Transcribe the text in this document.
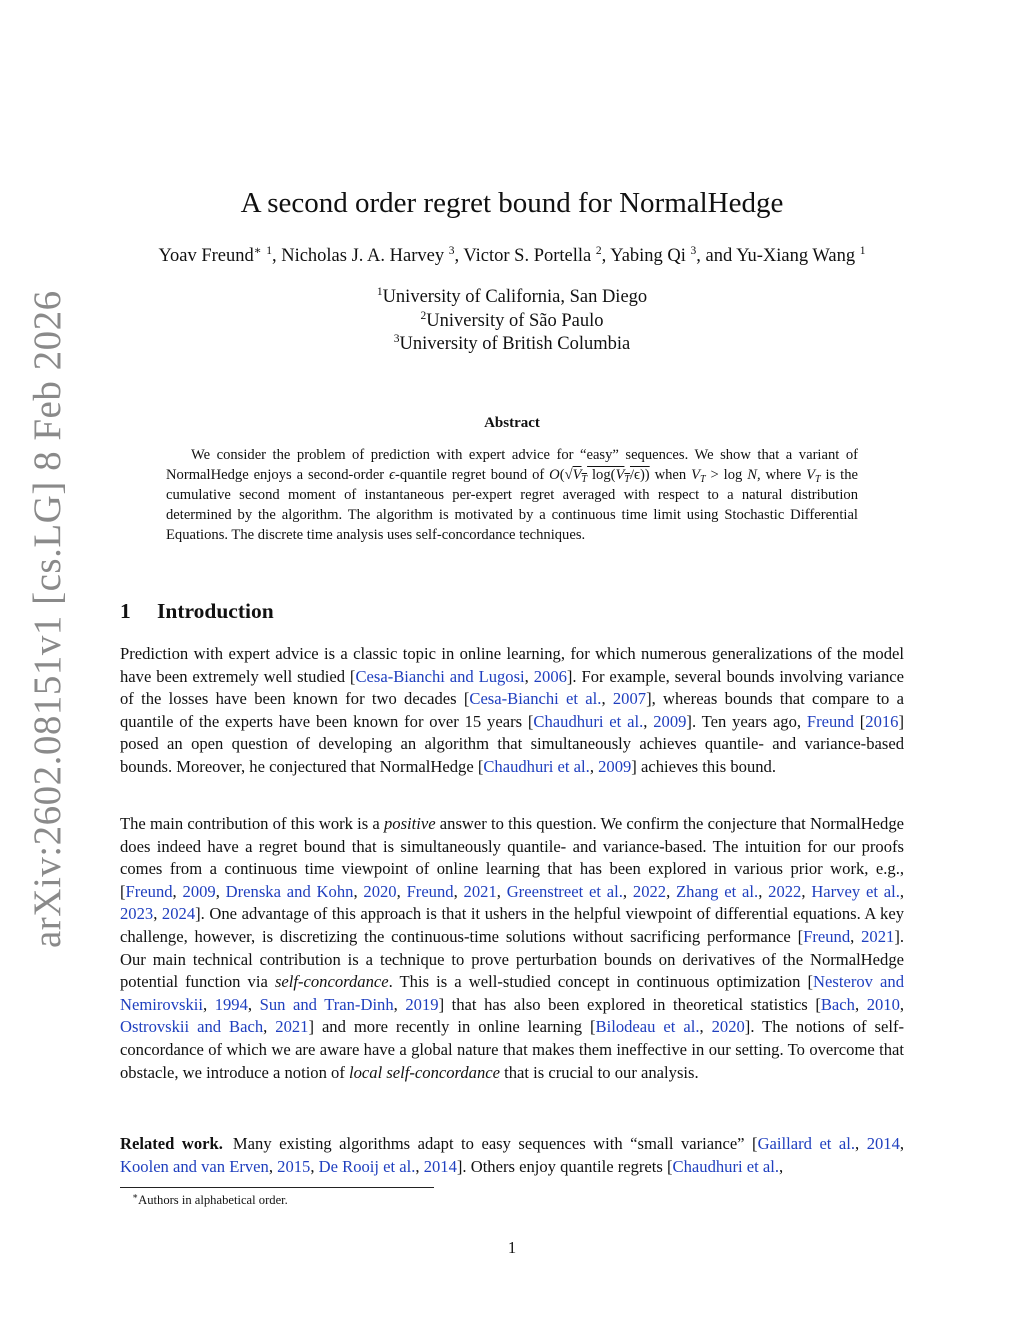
arXiv:2602.08151v1 [cs.LG] 8 Feb 2026
A second order regret bound for NormalHedge
Yoav Freund∗ $^1$, Nicholas J. A. Harvey $^3$, Victor S. Portella $^2$, Yabing Qi $^3$, and Yu-Xiang Wang $^1$
$^1$University of California, San Diego
$^2$University of São Paulo
$^3$University of British Columbia
Abstract
We consider the problem of prediction with expert advice for “easy” sequences. We show that a variant of NormalHedge enjoys a second-order ϵ-quantile regret bound of $O(√V_T$ $\log(V_T/\epsilon)$) when $V_T > \log N$, where $V_T$ is the cumulative second moment of instantaneous per-expert regret averaged with respect to a natural distribution determined by the algorithm. The algorithm is motivated by a continuous time limit using Stochastic Differential Equations. The discrete time analysis uses self-concordance techniques.
1 Introduction
Prediction with expert advice is a classic topic in online learning, for which numerous generalizations of the model have been extremely well studied [Cesa-Bianchi and Lugosi, 2006]. For example, several bounds involving variance of the losses have been known for two decades [Cesa-Bianchi et al., 2007], whereas bounds that compare to a quantile of the experts have been known for over 15 years [Chaudhuri et al., 2009]. Ten years ago, Freund [2016] posed an open question of developing an algorithm that simultaneously achieves quantile- and variance-based bounds. Moreover, he conjectured that NormalHedge [Chaudhuri et al., 2009] achieves this bound.
The main contribution of this work is a positive answer to this question. We confirm the conjecture that NormalHedge does indeed have a regret bound that is simultaneously quantile- and variance-based. The intuition for our proofs comes from a continuous time viewpoint of online learning that has been explored in various prior work, e.g., [Freund, 2009, Drenska and Kohn, 2020, Freund, 2021, Greenstreet et al., 2022, Zhang et al., 2022, Harvey et al., 2023, 2024]. One advantage of this approach is that it ushers in the helpful viewpoint of differential equations. A key challenge, however, is discretizing the continuous-time solutions without sacrificing performance [Freund, 2021]. Our main technical contribution is a technique to prove perturbation bounds on derivatives of the NormalHedge potential function via self-concordance. This is a well-studied concept in continuous optimization [Nesterov and Nemirovskii, 1994, Sun and Tran-Dinh, 2019] that has also been explored in theoretical statistics [Bach, 2010, Ostrovskii and Bach, 2021] and more recently in online learning [Bilodeau et al., 2020]. The notions of self-concordance of which we are aware have a global nature that makes them ineffective in our setting. To overcome that obstacle, we introduce a notion of local self-concordance that is crucial to our analysis.
Related work. Many existing algorithms adapt to easy sequences with “small variance” [Gaillard et al., 2014, Koolen and van Erven, 2015, De Rooij et al., 2014]. Others enjoy quantile regrets [Chaudhuri et al.,
∗Authors in alphabetical order.
1
